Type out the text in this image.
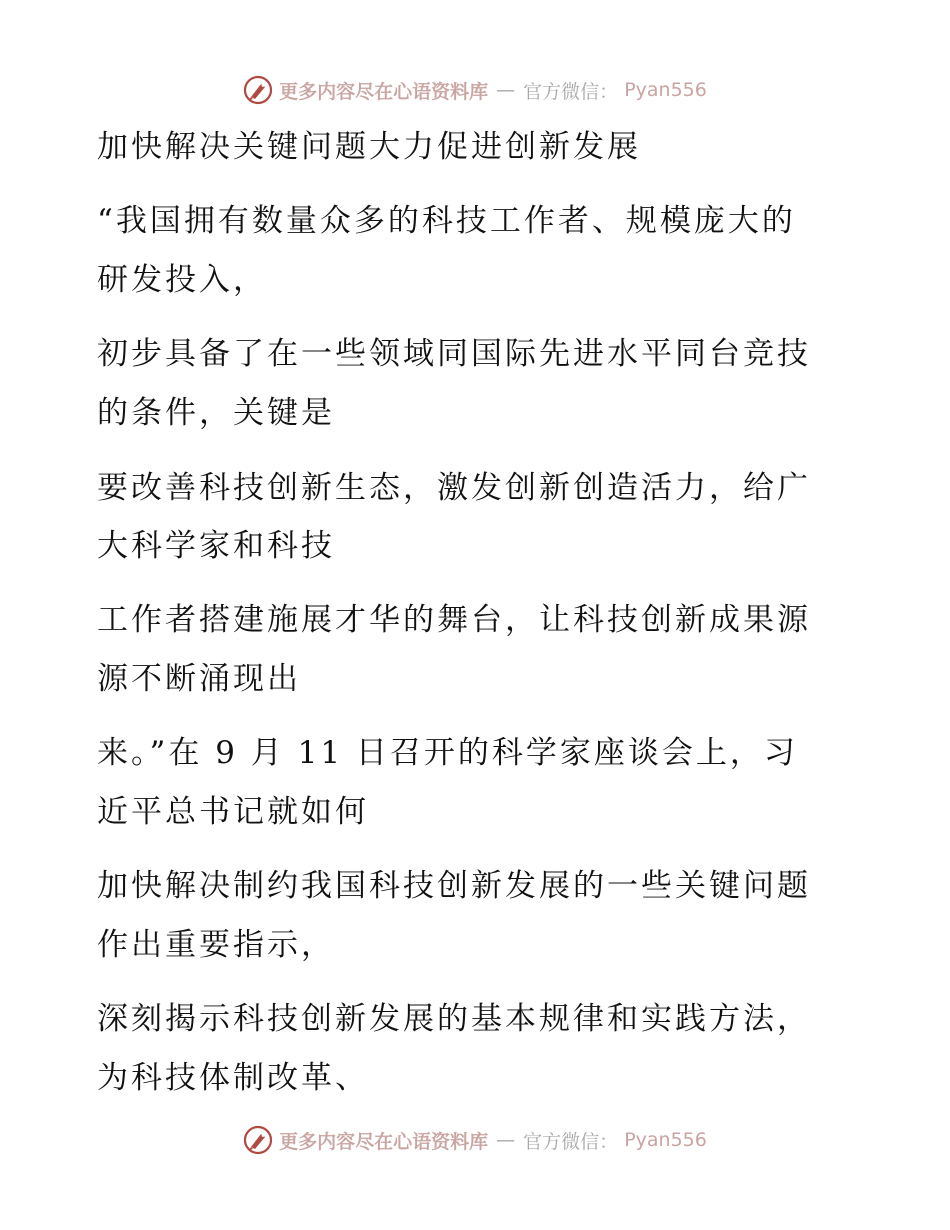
更多内容尽在心语资料库 — 官方微信： Pyan556
加快解决关键问题大力促进创新发展
“我国拥有数量众多的科技工作者、规模庞大的
研发投入，
初步具备了在一些领域同国际先进水平同台竞技
的条件，关键是
要改善科技创新生态，激发创新创造活力，给广
大科学家和科技
工作者搭建施展才华的舞台，让科技创新成果源
源不断涌现出
来。”在 9 月 11 日召开的科学家座谈会上，习
近平总书记就如何
加快解决制约我国科技创新发展的一些关键问题
作出重要指示，
深刻揭示科技创新发展的基本规律和实践方法，
为科技体制改革、
更多内容尽在心语资料库 — 官方微信： Pyan556
